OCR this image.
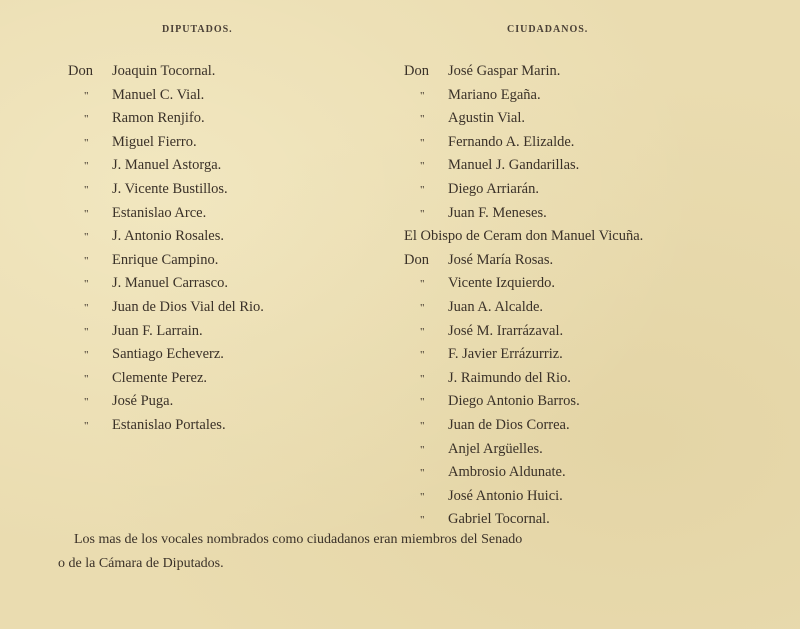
DIPUTADOS.	CIUDADANOS.
Don Joaquin Tocornal.
" Manuel C. Vial.
" Ramon Renjifo.
" Miguel Fierro.
" J. Manuel Astorga.
" J. Vicente Bustillos.
" Estanislao Arce.
" J. Antonio Rosales.
" Enrique Campino.
" J. Manuel Carrasco.
" Juan de Dios Vial del Rio.
" Juan F. Larrain.
" Santiago Echeverz.
" Clemente Perez.
" José Puga.
" Estanislao Portales.
Don José Gaspar Marin.
" Mariano Egaña.
" Agustin Vial.
" Fernando A. Elizalde.
" Manuel J. Gandarillas.
" Diego Arriarán.
" Juan F. Meneses.
El Obispo de Ceram don Manuel Vicuña.
Don José María Rosas.
" Vicente Izquierdo.
" Juan A. Alcalde.
" José M. Irarrázaval.
" F. Javier Errázurriz.
" J. Raimundo del Rio.
" Diego Antonio Barros.
" Juan de Dios Correa.
" Anjel Argüelles.
" Ambrosio Aldunate.
" José Antonio Huici.
" Gabriel Tocornal.

Los mas de los vocales nombrados como ciudadanos eran miembros del Senado
o de la Cámara de Diputados.
